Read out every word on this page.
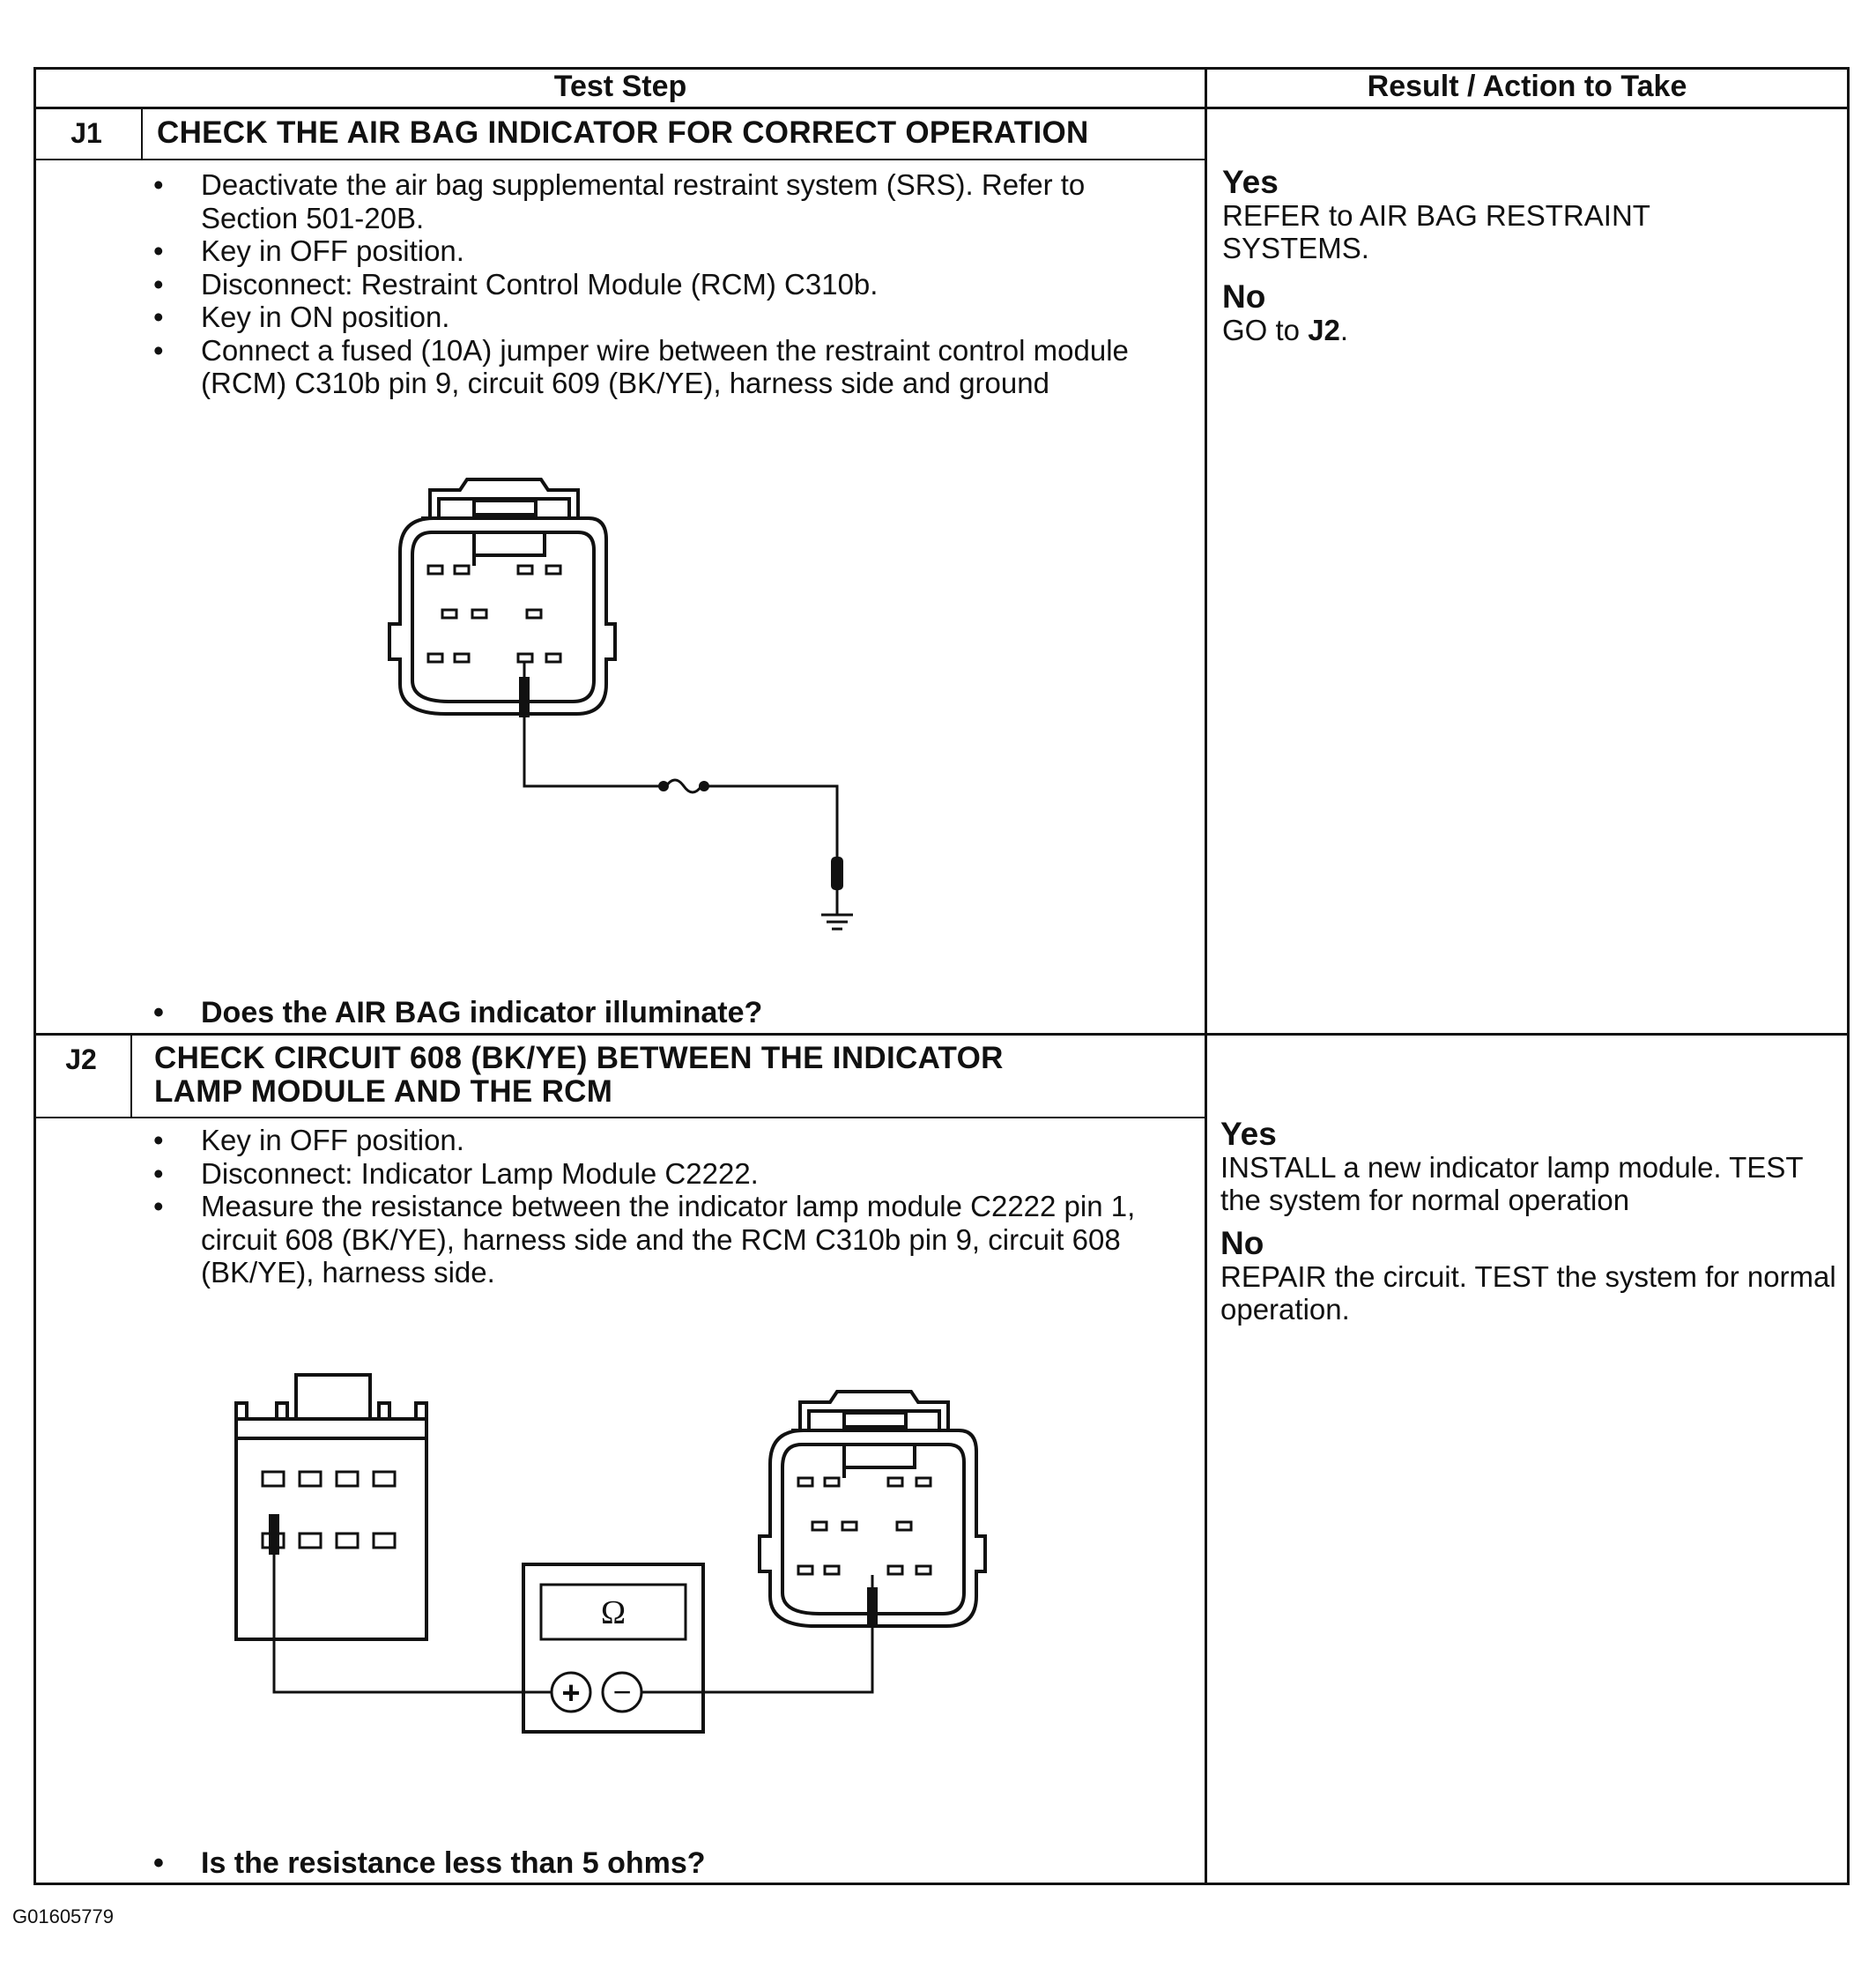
Test Step	Result / Action to Take
J1	CHECK THE AIR BAG INDICATOR FOR CORRECT OPERATION
• Deactivate the air bag supplemental restraint system (SRS). Refer to Section 501-20B.
• Key in OFF position.
• Disconnect: Restraint Control Module (RCM) C310b.
• Key in ON position.
• Connect a fused (10A) jumper wire between the restraint control module (RCM) C310b pin 9, circuit 609 (BK/YE), harness side and ground
• Does the AIR BAG indicator illuminate?
Yes
REFER to AIR BAG RESTRAINT SYSTEMS.
No
GO to J2.
J2	CHECK CIRCUIT 608 (BK/YE) BETWEEN THE INDICATOR
LAMP MODULE AND THE RCM
• Key in OFF position.
• Disconnect: Indicator Lamp Module C2222.
• Measure the resistance between the indicator lamp module C2222 pin 1, circuit 608 (BK/YE), harness side and the RCM C310b pin 9, circuit 608 (BK/YE), harness side.
Ω
+ −
• Is the resistance less than 5 ohms?
Yes
INSTALL a new indicator lamp module. TEST the system for normal operation
No
REPAIR the circuit. TEST the system for normal operation.
G01605779
